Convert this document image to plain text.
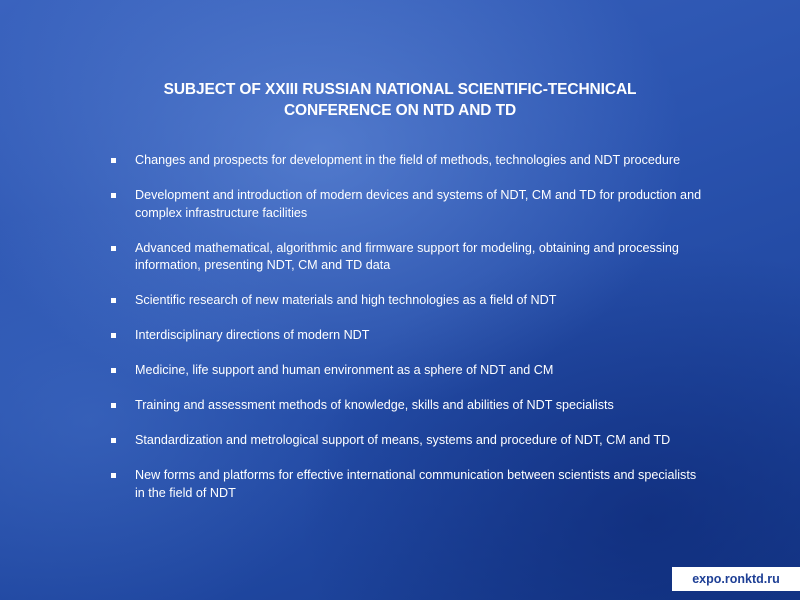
SUBJECT OF XXIII RUSSIAN NATIONAL SCIENTIFIC-TECHNICAL
CONFERENCE ON NTD AND TD
Changes and prospects for development in the field of methods, technologies and NDT procedure
Development and introduction of modern devices and systems of NDT, CM and TD for production and complex infrastructure facilities
Advanced mathematical, algorithmic and firmware support for modeling, obtaining and processing information, presenting NDT, CM and TD data
Scientific research of new materials and high technologies as a field of NDT
Interdisciplinary directions of modern NDT
Medicine, life support and human environment as a sphere of NDT and CM
Training and assessment methods of knowledge, skills and abilities of NDT specialists
Standardization and metrological support of means, systems and procedure of NDT, CM and TD
New forms and platforms for effective international communication between scientists and specialists in the field of NDT
expo.ronktd.ru
